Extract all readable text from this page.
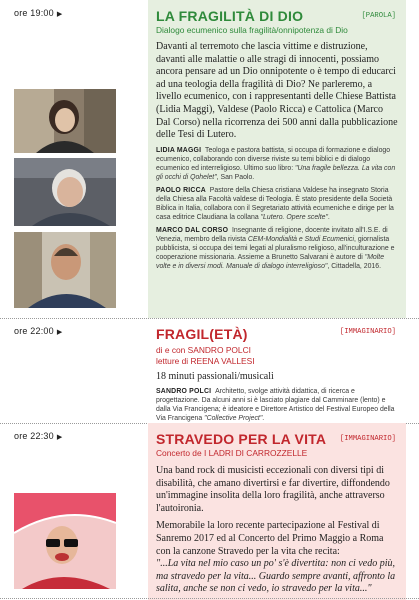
ore 19:00 ▶	LA FRAGILITÀ DI DIO	[PAROLA]
Dialogo ecumenico sulla fragilità/onnipotenza di Dio
Davanti al terremoto che lascia vittime e distruzione, davanti alle malattie o alle stragi di innocenti, possiamo ancora pensare ad un Dio onnipotente o è tempo di educarci ad una teologia della fragilità di Dio? Ne parleremo, a livello ecumenico, con i rappresentanti delle Chiese Battista (Lidia Maggi), Valdese (Paolo Ricca) e Cattolica (Marco Dal Corso) nella ricorrenza dei 500 anni dalla pubblicazione delle Tesi di Lutero.
LIDIA MAGGI Teologa e pastora battista, si occupa di formazione e dialogo ecumenico, collaborando con diverse riviste su temi biblici e di dialogo ecumenico ed interreligioso. Ultimo suo libro: "Una fragile bellezza. La vita con gli occhi di Qohelet", San Paolo.
PAOLO RICCA Pastore della Chiesa cristiana Valdese ha insegnato Storia della Chiesa alla Facoltà valdese di Teologia. È stato presidente della Società Biblica in Italia, collabora con il Segretariato attività ecumeniche e dirige per la casa editrice Claudiana la collana "Lutero. Opere scelte".
MARCO DAL CORSO Insegnante di religione, docente invitato all'I.S.E. di Venezia, membro della rivista CEM-Mondialità e Studi Ecumenici, giornalista pubblicista, si occupa dei temi legati al pluralismo religioso, all'inculturazione e cooperazione missionaria. Assieme a Brunetto Salvarani è autore di "Molte volte e in diversi modi. Manuale di dialogo interreligioso", Cittadella, 2016.
ore 22:00 ▶	FRAGIL(ETÀ)	[IMMAGINARIO]
di e con SANDRO POLCI
letture di REENA VALLESI
18 minuti passionali/musicali
SANDRO POLCI Architetto, svolge attività didattica, di ricerca e progettazione. Da alcuni anni si è lasciato plagiare dal Camminare (lento) e dalla Via Francigena; è ideatore e Direttore Artistico del Festival Europeo della Via Francigena "Collective Project".
ore 22:30 ▶	STRAVEDO PER LA VITA	[IMMAGINARIO]
Concerto de I LADRI DI CARROZZELLE
Una band rock di musicisti eccezionali con diversi tipi di disabilità, che amano divertirsi e far divertire, diffondendo un'immagine insolita della loro fragilità, anche attraverso l'autoironia.
Memorabile la loro recente partecipazione al Festival di Sanremo 2017 ed al Concerto del Primo Maggio a Roma con la canzone Stravedo per la vita che recita:
"...La vita nel mio caso un po' s'è divertita: non ci vedo più, ma stravedo per la vita... Guardo sempre avanti, affronto la salita, anche se non ci vedo, io stravedo per la vita..."
